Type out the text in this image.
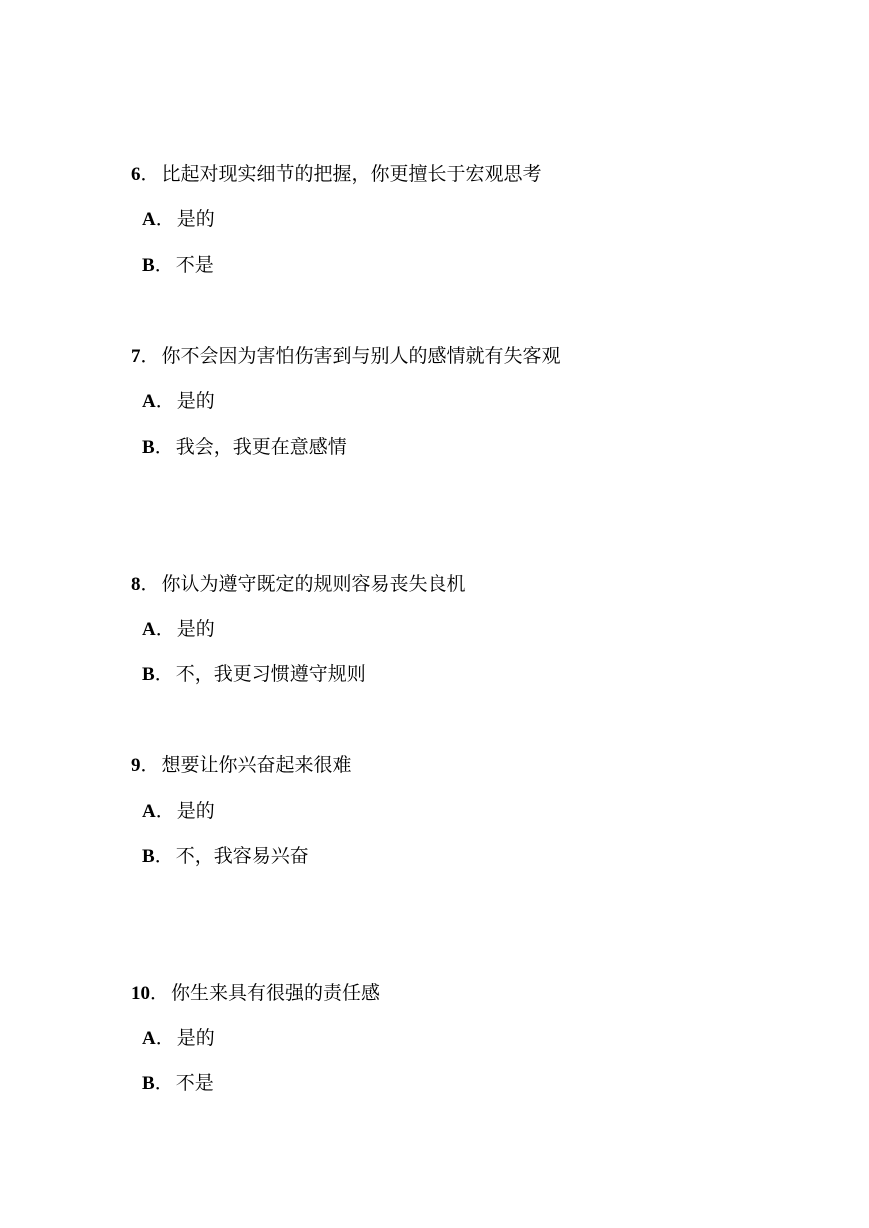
6． 比起对现实细节的把握，你更擅长于宏观思考
A． 是的
B． 不是
7． 你不会因为害怕伤害到与别人的感情就有失客观
A． 是的
B． 我会，我更在意感情
8． 你认为遵守既定的规则容易丧失良机
A． 是的
B． 不，我更习惯遵守规则
9． 想要让你兴奋起来很难
A． 是的
B． 不，我容易兴奋
10． 你生来具有很强的责任感
A． 是的
B． 不是
